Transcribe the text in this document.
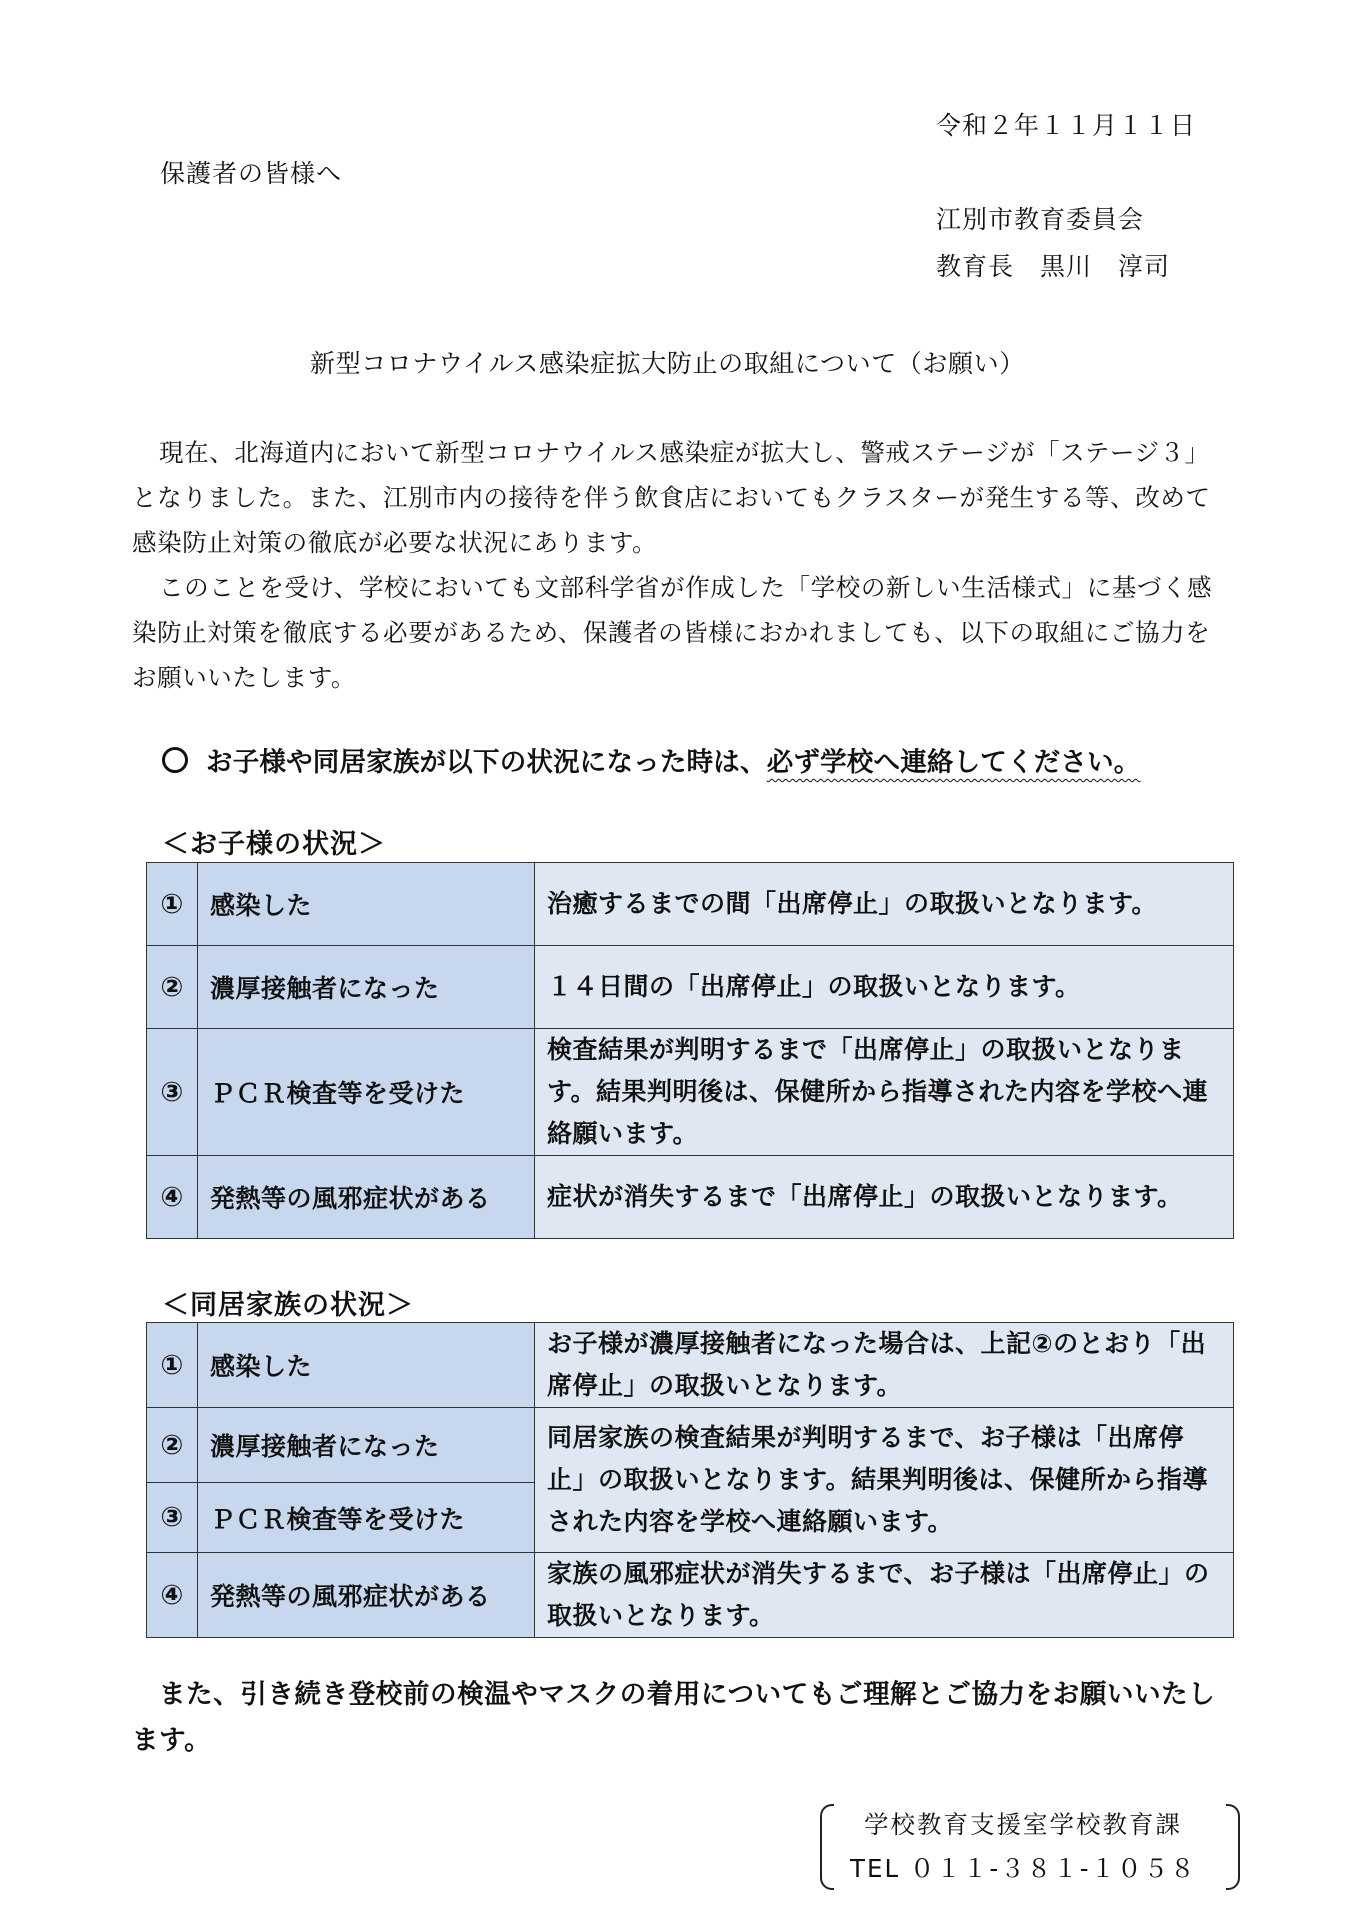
令和２年１１月１１日
保護者の皆様へ
江別市教育委員会
教育長　黒川　淳司
新型コロナウイルス感染症拡大防止の取組について（お願い）

現在、北海道内において新型コロナウイルス感染症が拡大し、警戒ステージが「ステージ３」となりました。また、江別市内の接待を伴う飲食店においてもクラスターが発生する等、改めて感染防止対策の徹底が必要な状況にあります。

このことを受け、学校においても文部科学省が作成した「学校の新しい生活様式」に基づく感染防止対策を徹底する必要があるため、保護者の皆様におかれましても、以下の取組にご協力をお願いいたします。

お子様や同居家族が以下の状況になった時は、必ず学校へ連絡してください。
＜お子様の状況＞
①	感染した	治癒するまでの間「出席停止」の取扱いとなります。
②	濃厚接触者になった	１４日間の「出席停止」の取扱いとなります。
③	ＰＣＲ検査等を受けた	検査結果が判明するまで「出席停止」の取扱いとなります。結果判明後は、保健所から指導された内容を学校へ連絡願います。
④	発熱等の風邪症状がある	症状が消失するまで「出席停止」の取扱いとなります。
＜同居家族の状況＞
①	感染した	お子様が濃厚接触者になった場合は、上記②のとおり「出席停止」の取扱いとなります。
②	濃厚接触者になった	同居家族の検査結果が判明するまで、お子様は「出席停止」の取扱いとなります。結果判明後は、保健所から指導された内容を学校へ連絡願います。
③	ＰＣＲ検査等を受けた	
④	発熱等の風邪症状がある	家族の風邪症状が消失するまで、お子様は「出席停止」の取扱いとなります。

また、引き続き登校前の検温やマスクの着用についてもご理解とご協力をお願いいたします。

学校教育支援室学校教育課
TEL ０１１-３８１-１０５８
